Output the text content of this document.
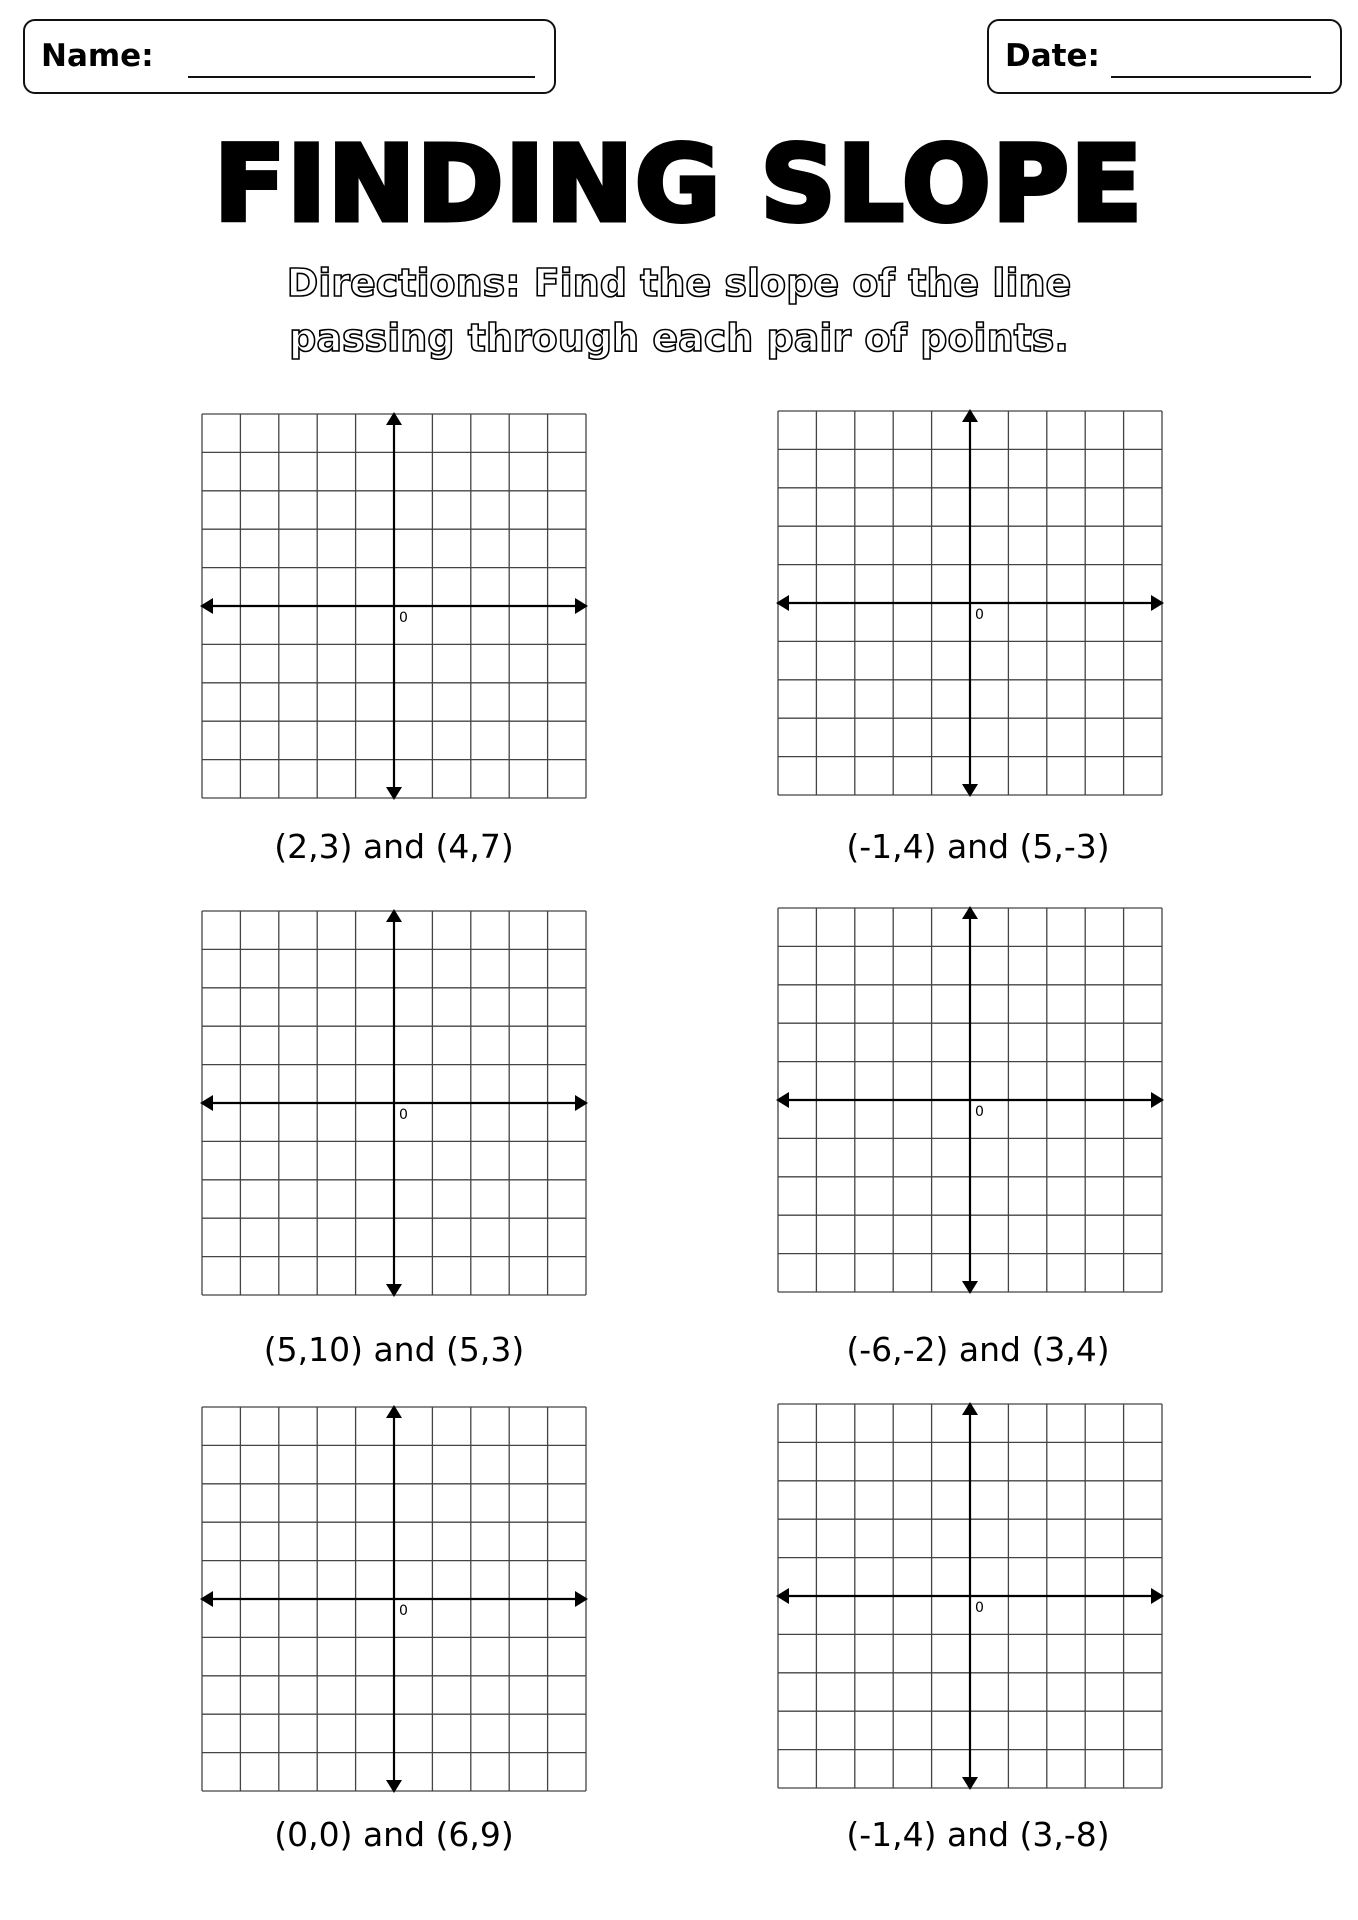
Name:	Date:
FINDING SLOPE
Directions: Find the slope of the line
passing through each pair of points.
0
(2,3) and (4,7)
0
(-1,4) and (5,-3)
0
(5,10) and (5,3)
0
(-6,-2) and (3,4)
0
(0,0) and (6,9)
0
(-1,4) and (3,-8)
